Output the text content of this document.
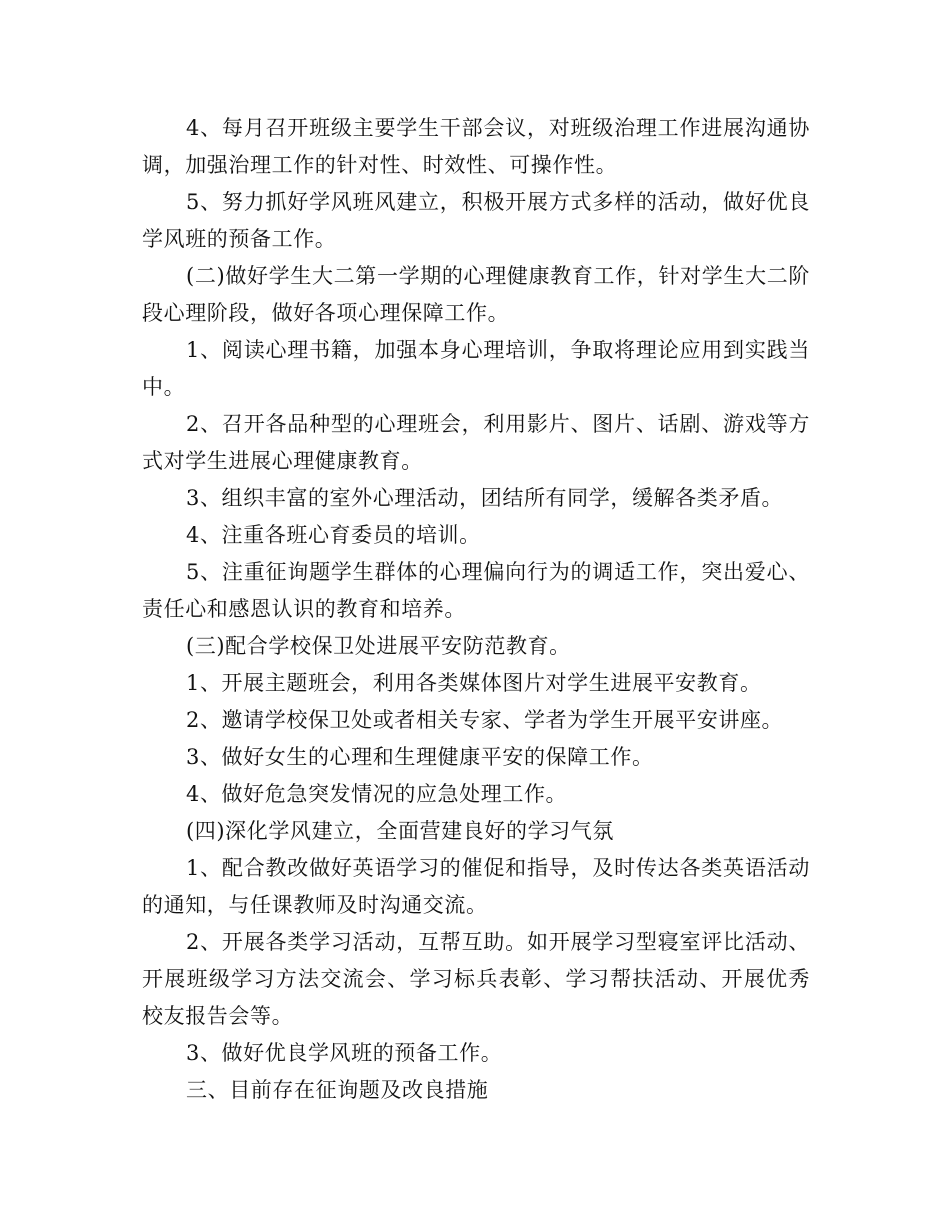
4、每月召开班级主要学生干部会议，对班级治理工作进展沟通协调，加强治理工作的针对性、时效性、可操作性。

5、努力抓好学风班风建立，积极开展方式多样的活动，做好优良学风班的预备工作。

(二)做好学生大二第一学期的心理健康教育工作，针对学生大二阶段心理阶段，做好各项心理保障工作。

1、阅读心理书籍，加强本身心理培训，争取将理论应用到实践当中。

2、召开各品种型的心理班会，利用影片、图片、话剧、游戏等方式对学生进展心理健康教育。

3、组织丰富的室外心理活动，团结所有同学，缓解各类矛盾。

4、注重各班心育委员的培训。

5、注重征询题学生群体的心理偏向行为的调适工作，突出爱心、责任心和感恩认识的教育和培养。

(三)配合学校保卫处进展平安防范教育。

1、开展主题班会，利用各类媒体图片对学生进展平安教育。

2、邀请学校保卫处或者相关专家、学者为学生开展平安讲座。

3、做好女生的心理和生理健康平安的保障工作。

4、做好危急突发情况的应急处理工作。

(四)深化学风建立，全面营建良好的学习气氛

1、配合教改做好英语学习的催促和指导，及时传达各类英语活动的通知，与任课教师及时沟通交流。

2、开展各类学习活动，互帮互助。如开展学习型寝室评比活动、开展班级学习方法交流会、学习标兵表彰、学习帮扶活动、开展优秀校友报告会等。

3、做好优良学风班的预备工作。

三、目前存在征询题及改良措施
